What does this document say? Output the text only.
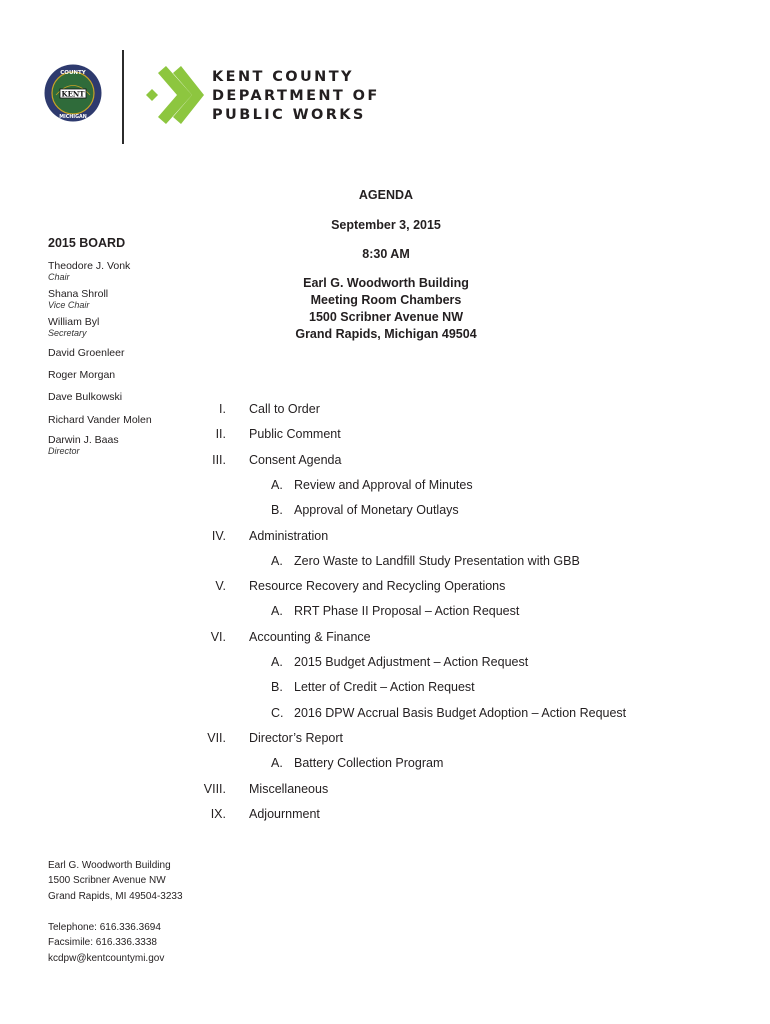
COUNTY
KENT
MICHIGAN
KENT COUNTY
DEPARTMENT OF
PUBLIC WORKS
AGENDA
September 3, 2015
8:30 AM
Earl G. Woodworth Building
Meeting Room Chambers
1500 Scribner Avenue NW
Grand Rapids, Michigan 49504
2015 BOARD
Theodore J. Vonk
Chair
Shana Shroll
Vice Chair
William Byl
Secretary
David Groenleer
Roger Morgan
Dave Bulkowski
Richard Vander Molen
Darwin J. Baas
Director
I. Call to Order
II. Public Comment
III. Consent Agenda
A. Review and Approval of Minutes
B. Approval of Monetary Outlays
IV. Administration
A. Zero Waste to Landfill Study Presentation with GBB
V. Resource Recovery and Recycling Operations
A. RRT Phase II Proposal – Action Request
VI. Accounting & Finance
A. 2015 Budget Adjustment – Action Request
B. Letter of Credit – Action Request
C. 2016 DPW Accrual Basis Budget Adoption – Action Request
VII. Director’s Report
A. Battery Collection Program
VIII. Miscellaneous
IX. Adjournment
Earl G. Woodworth Building
1500 Scribner Avenue NW
Grand Rapids, MI 49504-3233
Telephone: 616.336.3694
Facsimile: 616.336.3338
kcdpw@kentcountymi.gov
